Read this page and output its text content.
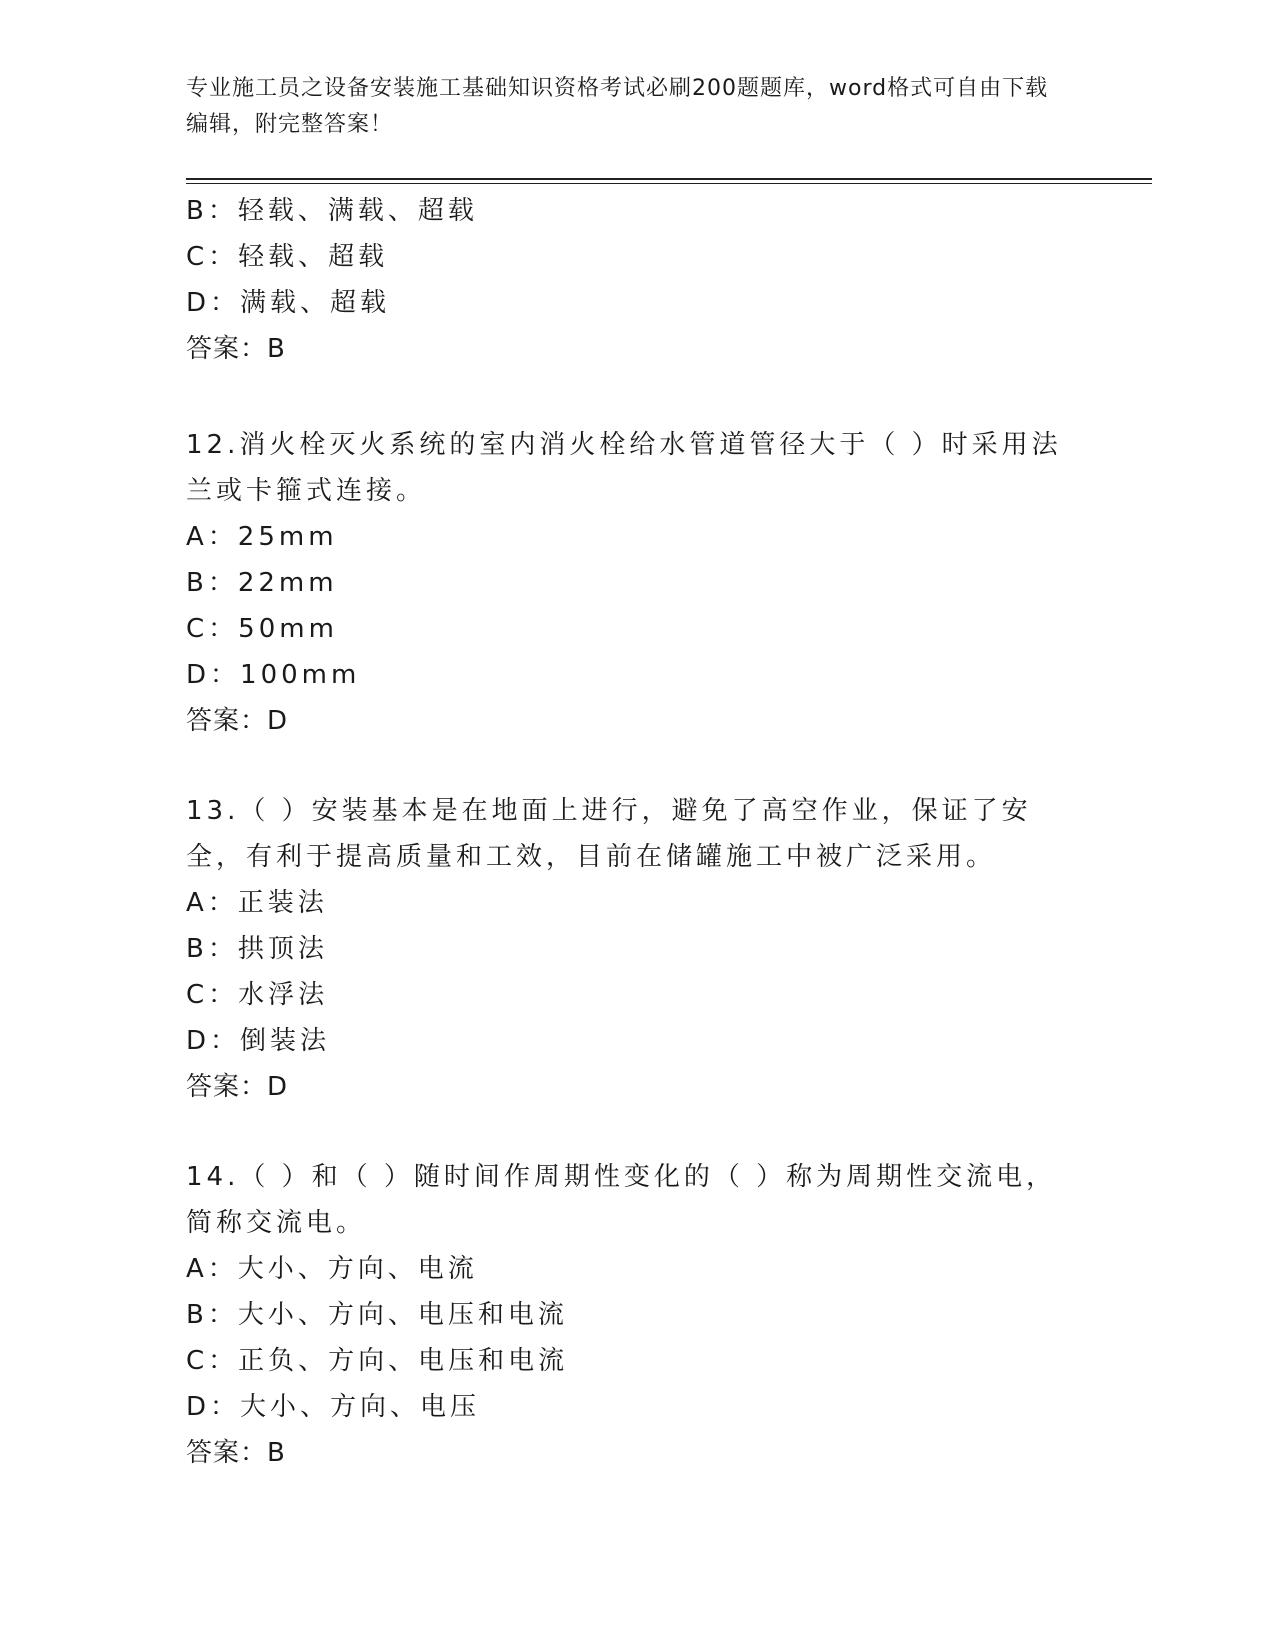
专业施工员之设备安装施工基础知识资格考试必刷200题题库，word格式可自由下载编辑，附完整答案！
B：轻载、满载、超载
C：轻载、超载
D：满载、超载
答案：B
12.消火栓灭火系统的室内消火栓给水管道管径大于（ ）时采用法兰或卡箍式连接。
A：25mm
B：22mm
C：50mm
D：100mm
答案：D
13.（ ）安装基本是在地面上进行，避免了高空作业，保证了安全，有利于提高质量和工效，目前在储罐施工中被广泛采用。
A：正装法
B：拱顶法
C：水浮法
D：倒装法
答案：D
14.（ ）和（ ）随时间作周期性变化的（ ）称为周期性交流电，简称交流电。
A：大小、方向、电流
B：大小、方向、电压和电流
C：正负、方向、电压和电流
D：大小、方向、电压
答案：B
